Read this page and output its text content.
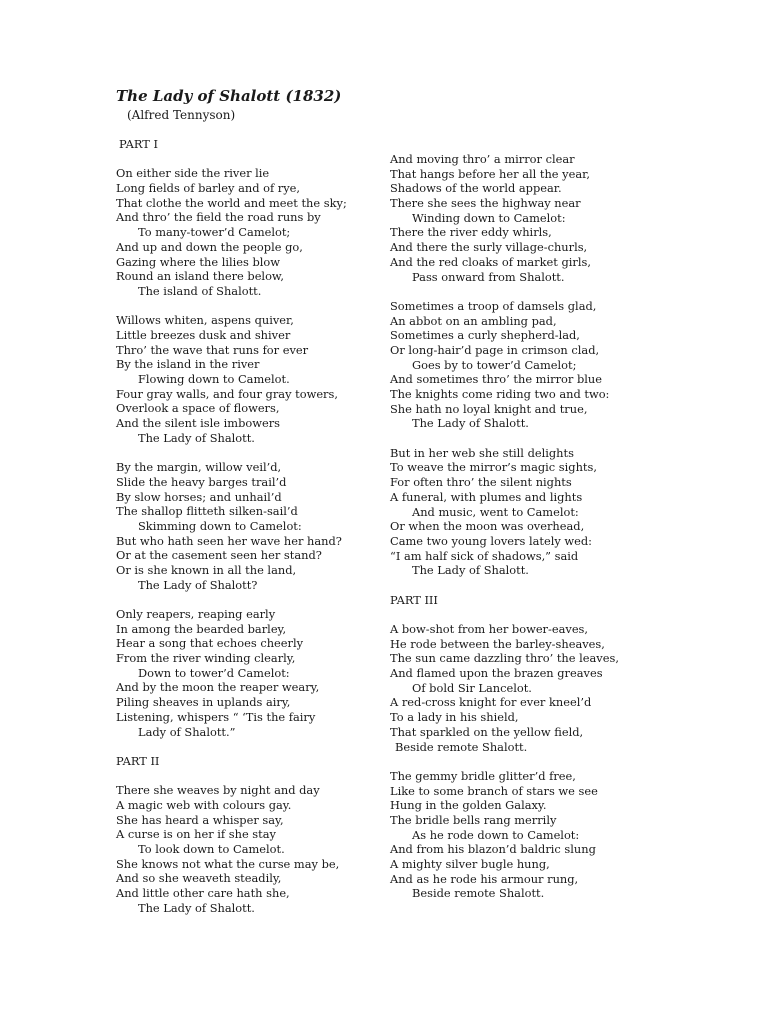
The Lady of Shalott (1832)

(Alfred Tennyson)

PART I
On either side the river lie
Long fields of barley and of rye,
That clothe the world and meet the sky;
And thro’ the field the road runs by
To many-tower’d Camelot;
And up and down the people go,
Gazing where the lilies blow
Round an island there below,
The island of Shalott.
Willows whiten, aspens quiver,
Little breezes dusk and shiver
Thro’ the wave that runs for ever
By the island in the river
Flowing down to Camelot.
Four gray walls, and four gray towers,
Overlook a space of flowers,
And the silent isle imbowers
The Lady of Shalott.
By the margin, willow veil’d,
Slide the heavy barges trail’d
By slow horses; and unhail’d
The shallop flitteth silken-sail’d
Skimming down to Camelot:
But who hath seen her wave her hand?
Or at the casement seen her stand?
Or is she known in all the land,
The Lady of Shalott?
Only reapers, reaping early
In among the bearded barley,
Hear a song that echoes cheerly
From the river winding clearly,
Down to tower’d Camelot:
And by the moon the reaper weary,
Piling sheaves in uplands airy,
Listening, whispers “ ‘Tis the fairy
Lady of Shalott.”
PART II
There she weaves by night and day
A magic web with colours gay.
She has heard a whisper say,
A curse is on her if she stay
To look down to Camelot.
She knows not what the curse may be,
And so she weaveth steadily,
And little other care hath she,
The Lady of Shalott.
And moving thro’ a mirror clear
That hangs before her all the year,
Shadows of the world appear.
There she sees the highway near
Winding down to Camelot:
There the river eddy whirls,
And there the surly village-churls,
And the red cloaks of market girls,
Pass onward from Shalott.
Sometimes a troop of damsels glad,
An abbot on an ambling pad,
Sometimes a curly shepherd-lad,
Or long-hair’d page in crimson clad,
Goes by to tower’d Camelot;
And sometimes thro’ the mirror blue
The knights come riding two and two:
She hath no loyal knight and true,
The Lady of Shalott.
But in her web she still delights
To weave the mirror’s magic sights,
For often thro’ the silent nights
A funeral, with plumes and lights
And music, went to Camelot:
Or when the moon was overhead,
Came two young lovers lately wed:
“I am half sick of shadows,” said
The Lady of Shalott.
PART III
A bow-shot from her bower-eaves,
He rode between the barley-sheaves,
The sun came dazzling thro’ the leaves,
And flamed upon the brazen greaves
Of bold Sir Lancelot.
A red-cross knight for ever kneel’d
To a lady in his shield,
That sparkled on the yellow field,
Beside remote Shalott.
The gemmy bridle glitter’d free,
Like to some branch of stars we see
Hung in the golden Galaxy.
The bridle bells rang merrily
As he rode down to Camelot:
And from his blazon’d baldric slung
A mighty silver bugle hung,
And as he rode his armour rung,
Beside remote Shalott.
